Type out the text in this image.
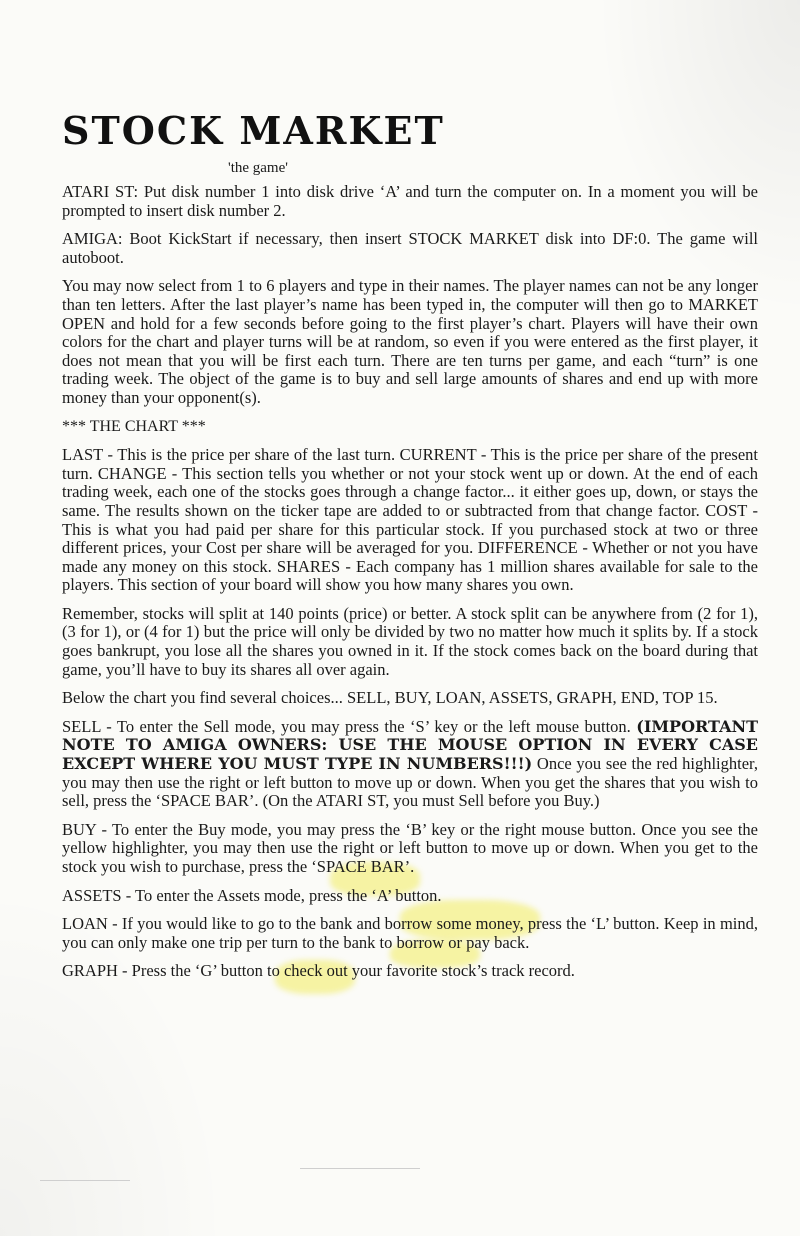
STOCK MARKET
'the game'

ATARI ST: Put disk number 1 into disk drive ‘A’ and turn the computer on. In a moment you will be prompted to insert disk number 2.

AMIGA: Boot KickStart if necessary, then insert STOCK MARKET disk into DF:0. The game will autoboot.

You may now select from 1 to 6 players and type in their names. The player names can not be any longer than ten letters. After the last player’s name has been typed in, the computer will then go to MARKET OPEN and hold for a few seconds before going to the first player’s chart. Players will have their own colors for the chart and player turns will be at random, so even if you were entered as the first player, it does not mean that you will be first each turn. There are ten turns per game, and each “turn” is one trading week. The object of the game is to buy and sell large amounts of shares and end up with more money than your opponent(s).

*** THE CHART ***

LAST - This is the price per share of the last turn. CURRENT - This is the price per share of the present turn. CHANGE - This section tells you whether or not your stock went up or down. At the end of each trading week, each one of the stocks goes through a change factor... it either goes up, down, or stays the same. The results shown on the ticker tape are added to or subtracted from that change factor. COST - This is what you had paid per share for this particular stock. If you purchased stock at two or three different prices, your Cost per share will be averaged for you. DIFFERENCE - Whether or not you have made any money on this stock. SHARES - Each company has 1 million shares available for sale to the players. This section of your board will show you how many shares you own.

Remember, stocks will split at 140 points (price) or better. A stock split can be anywhere from (2 for 1),(3 for 1), or (4 for 1) but the price will only be divided by two no matter how much it splits by. If a stock goes bankrupt, you lose all the shares you owned in it. If the stock comes back on the board during that game, you’ll have to buy its shares all over again.

Below the chart you find several choices... SELL, BUY, LOAN, ASSETS, GRAPH, END, TOP 15.

SELL - To enter the Sell mode, you may press the ‘S’ key or the left mouse button. (IMPORTANT NOTE TO AMIGA OWNERS: USE THE MOUSE OPTION IN EVERY CASE EXCEPT WHERE YOU MUST TYPE IN NUMBERS!!!) Once you see the red highlighter, you may then use the right or left button to move up or down. When you get the shares that you wish to sell, press the ‘SPACE BAR’. (On the ATARI ST, you must Sell before you Buy.)

BUY - To enter the Buy mode, you may press the ‘B’ key or the right mouse button. Once you see the yellow highlighter, you may then use the right or left button to move up or down. When you get to the stock you wish to purchase, press the ‘SPACE BAR’.

ASSETS - To enter the Assets mode, press the ‘A’ button.

LOAN - If you would like to go to the bank and borrow some money, press the ‘L’ button. Keep in mind, you can only make one trip per turn to the bank to borrow or pay back.

GRAPH - Press the ‘G’ button to check out your favorite stock’s track record.
